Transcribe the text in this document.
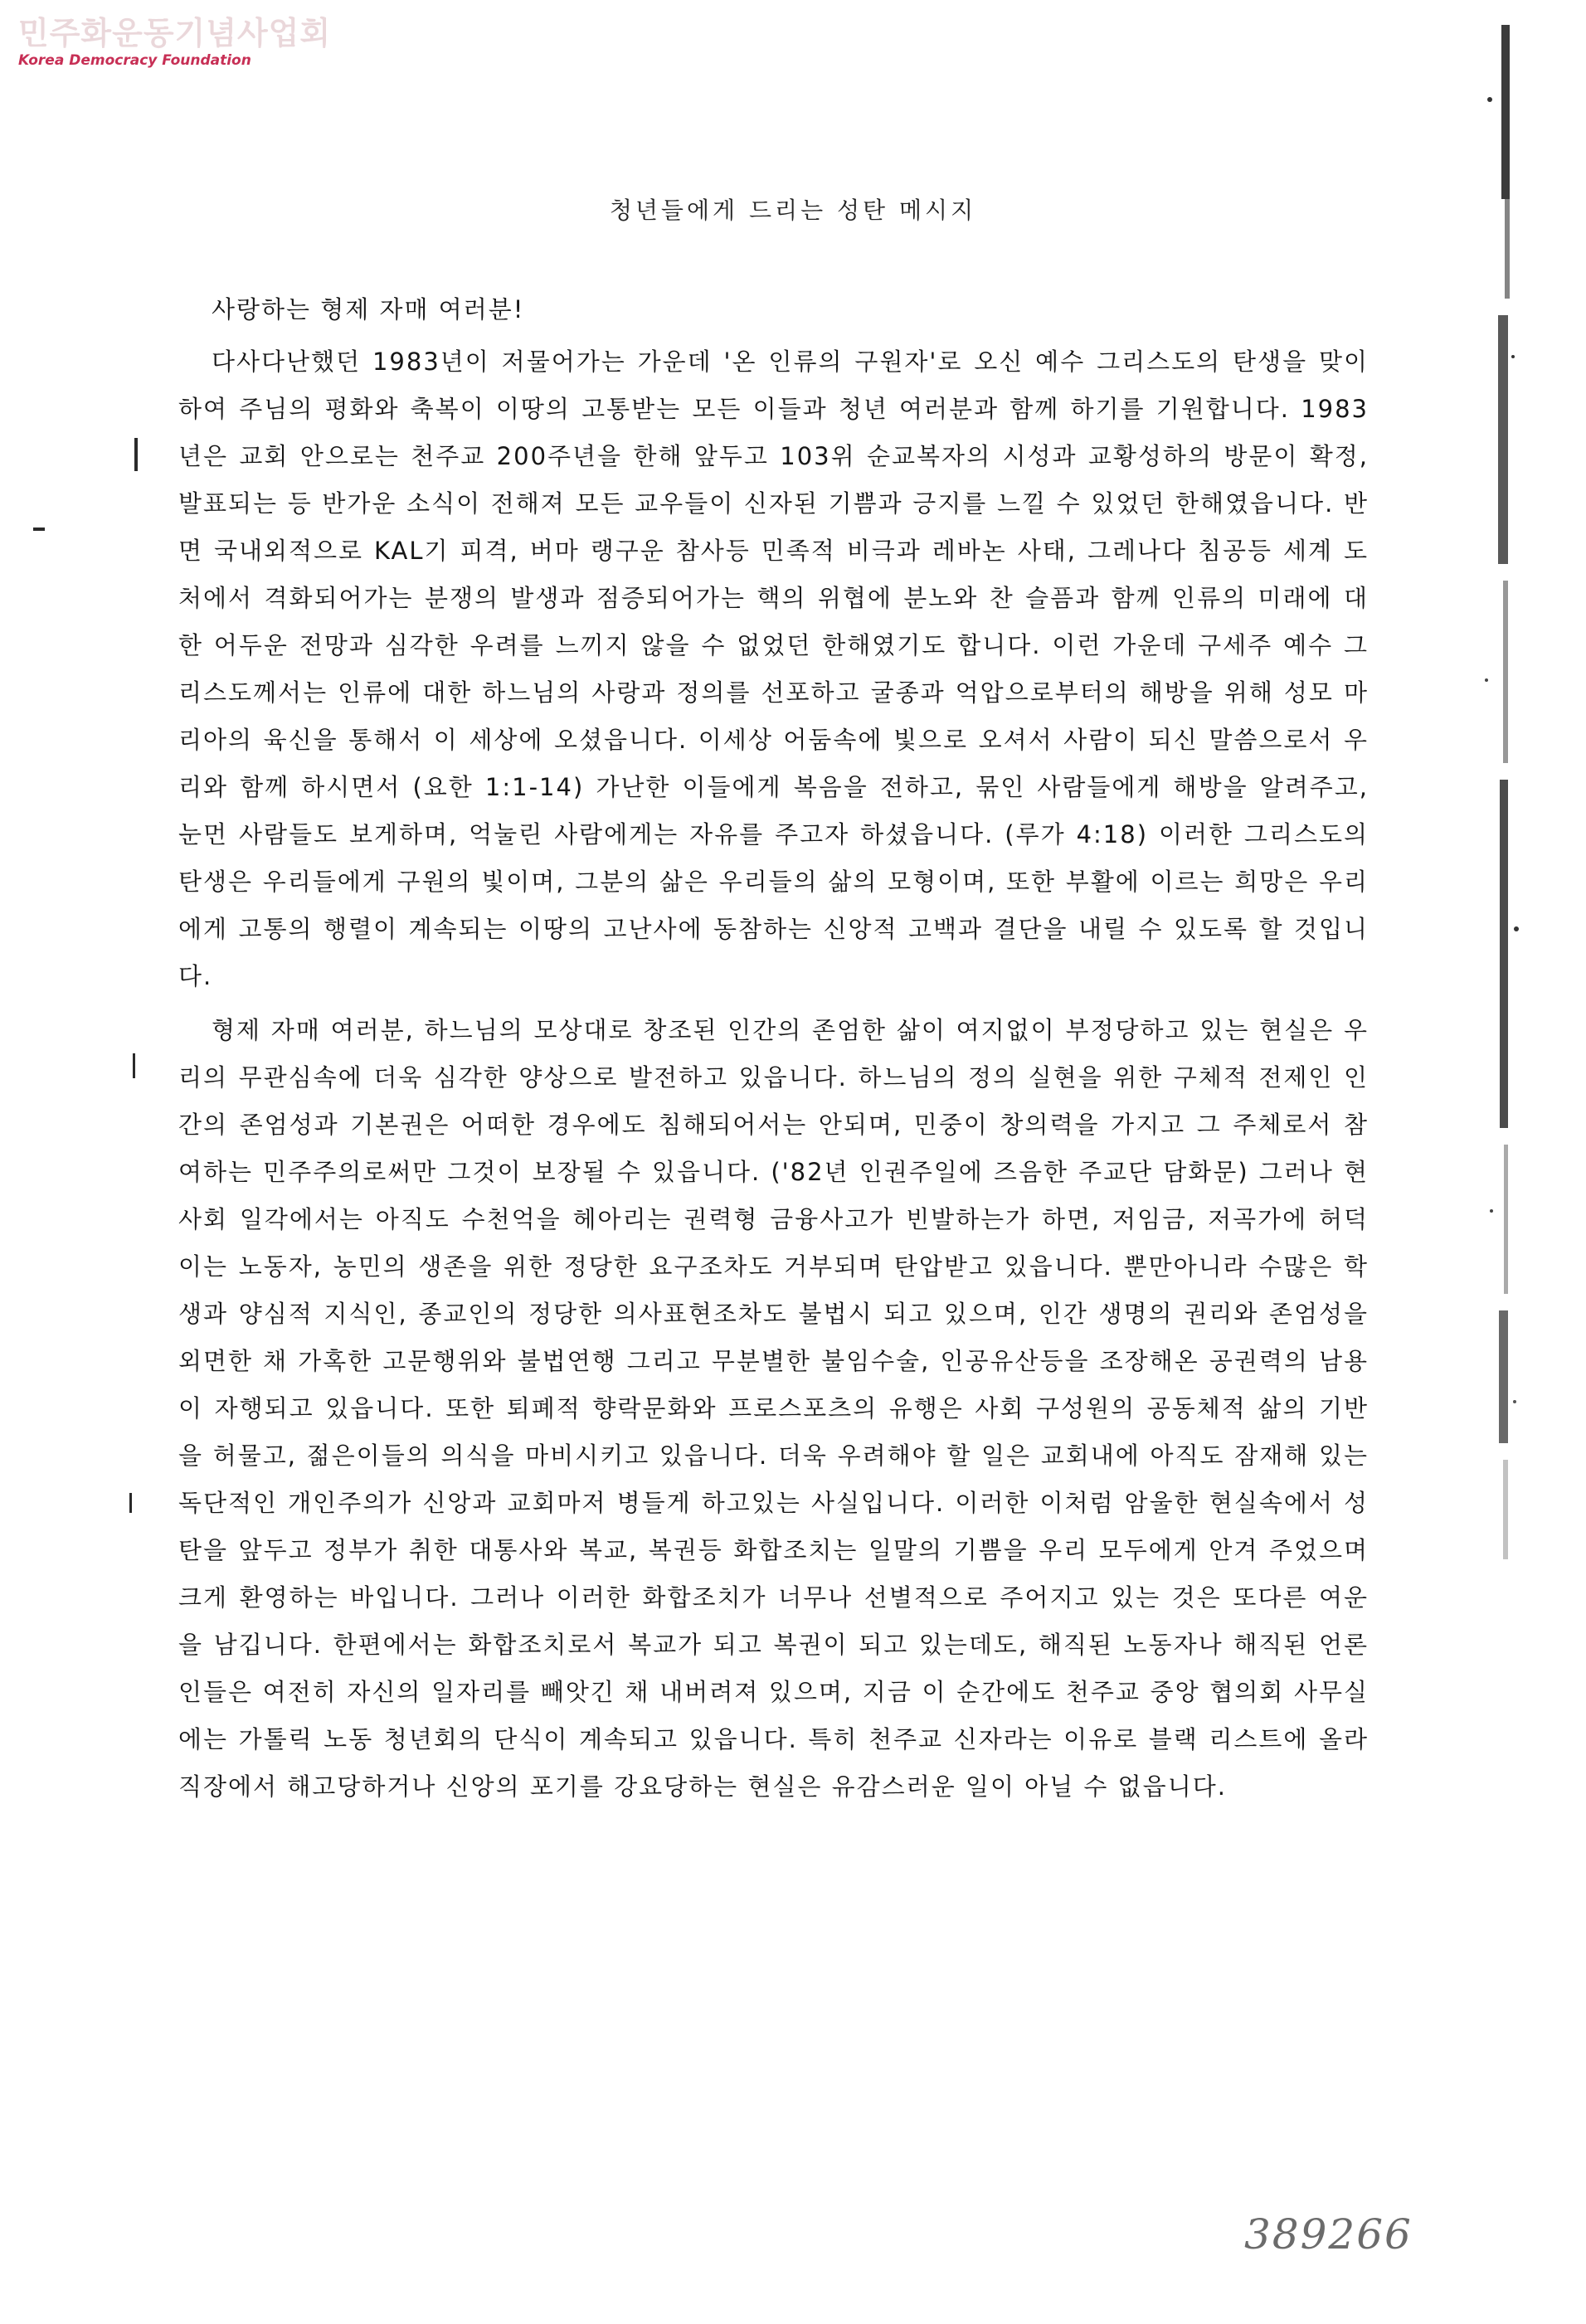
민주화운동기념사업회
Korea Democracy Foundation
청년들에게 드리는 성탄 메시지

사랑하는 형제 자매 여러분!

다사다난했던 1983년이 저물어가는 가운데 '온 인류의 구원자'로 오신 예수 그리스도의 탄생을 맞이하여 주님의 평화와 축복이 이땅의 고통받는 모든 이들과 청년 여러분과 함께 하기를 기원합니다. 1983년은 교회 안으로는 천주교 200주년을 한해 앞두고 103위 순교복자의 시성과 교황성하의 방문이 확정, 발표되는 등 반가운 소식이 전해져 모든 교우들이 신자된 기쁨과 긍지를 느낄 수 있었던 한해였읍니다. 반면 국내외적으로 KAL기 피격, 버마 랭구운 참사등 민족적 비극과 레바논 사태, 그레나다 침공등 세계 도처에서 격화되어가는 분쟁의 발생과 점증되어가는 핵의 위협에 분노와 찬 슬픔과 함께 인류의 미래에 대한 어두운 전망과 심각한 우려를 느끼지 않을 수 없었던 한해였기도 합니다. 이런 가운데 구세주 예수 그리스도께서는 인류에 대한 하느님의 사랑과 정의를 선포하고 굴종과 억압으로부터의 해방을 위해 성모 마리아의 육신을 통해서 이 세상에 오셨읍니다. 이세상 어둠속에 빛으로 오셔서 사람이 되신 말씀으로서 우리와 함께 하시면서 (요한 1:1-14) 가난한 이들에게 복음을 전하고, 묶인 사람들에게 해방을 알려주고, 눈먼 사람들도 보게하며, 억눌린 사람에게는 자유를 주고자 하셨읍니다. (루가 4:18) 이러한 그리스도의 탄생은 우리들에게 구원의 빛이며, 그분의 삶은 우리들의 삶의 모형이며, 또한 부활에 이르는 희망은 우리에게 고통의 행렬이 계속되는 이땅의 고난사에 동참하는 신앙적 고백과 결단을 내릴 수 있도록 할 것입니다.

형제 자매 여러분, 하느님의 모상대로 창조된 인간의 존엄한 삶이 여지없이 부정당하고 있는 현실은 우리의 무관심속에 더욱 심각한 양상으로 발전하고 있읍니다. 하느님의 정의 실현을 위한 구체적 전제인 인간의 존엄성과 기본권은 어떠한 경우에도 침해되어서는 안되며, 민중이 창의력을 가지고 그 주체로서 참여하는 민주주의로써만 그것이 보장될 수 있읍니다. ('82년 인권주일에 즈음한 주교단 담화문) 그러나 현 사회 일각에서는 아직도 수천억을 헤아리는 권력형 금융사고가 빈발하는가 하면, 저임금, 저곡가에 허덕이는 노동자, 농민의 생존을 위한 정당한 요구조차도 거부되며 탄압받고 있읍니다. 뿐만아니라 수많은 학생과 양심적 지식인, 종교인의 정당한 의사표현조차도 불법시 되고 있으며, 인간 생명의 권리와 존엄성을 외면한 채 가혹한 고문행위와 불법연행 그리고 무분별한 불임수술, 인공유산등을 조장해온 공권력의 남용이 자행되고 있읍니다. 또한 퇴폐적 향락문화와 프로스포츠의 유행은 사회 구성원의 공동체적 삶의 기반을 허물고, 젊은이들의 의식을 마비시키고 있읍니다. 더욱 우려해야 할 일은 교회내에 아직도 잠재해 있는 독단적인 개인주의가 신앙과 교회마저 병들게 하고있는 사실입니다. 이러한 이처럼 암울한 현실속에서 성탄을 앞두고 정부가 취한 대통사와 복교, 복권등 화합조치는 일말의 기쁨을 우리 모두에게 안겨 주었으며 크게 환영하는 바입니다. 그러나 이러한 화합조치가 너무나 선별적으로 주어지고 있는 것은 또다른 여운을 남깁니다. 한편에서는 화합조치로서 복교가 되고 복권이 되고 있는데도, 해직된 노동자나 해직된 언론인들은 여전히 자신의 일자리를 빼앗긴 채 내버려져 있으며, 지금 이 순간에도 천주교 중앙 협의회 사무실에는 가톨릭 노동 청년회의 단식이 계속되고 있읍니다. 특히 천주교 신자라는 이유로 블랙 리스트에 올라 직장에서 해고당하거나 신앙의 포기를 강요당하는 현실은 유감스러운 일이 아닐 수 없읍니다.

389266
